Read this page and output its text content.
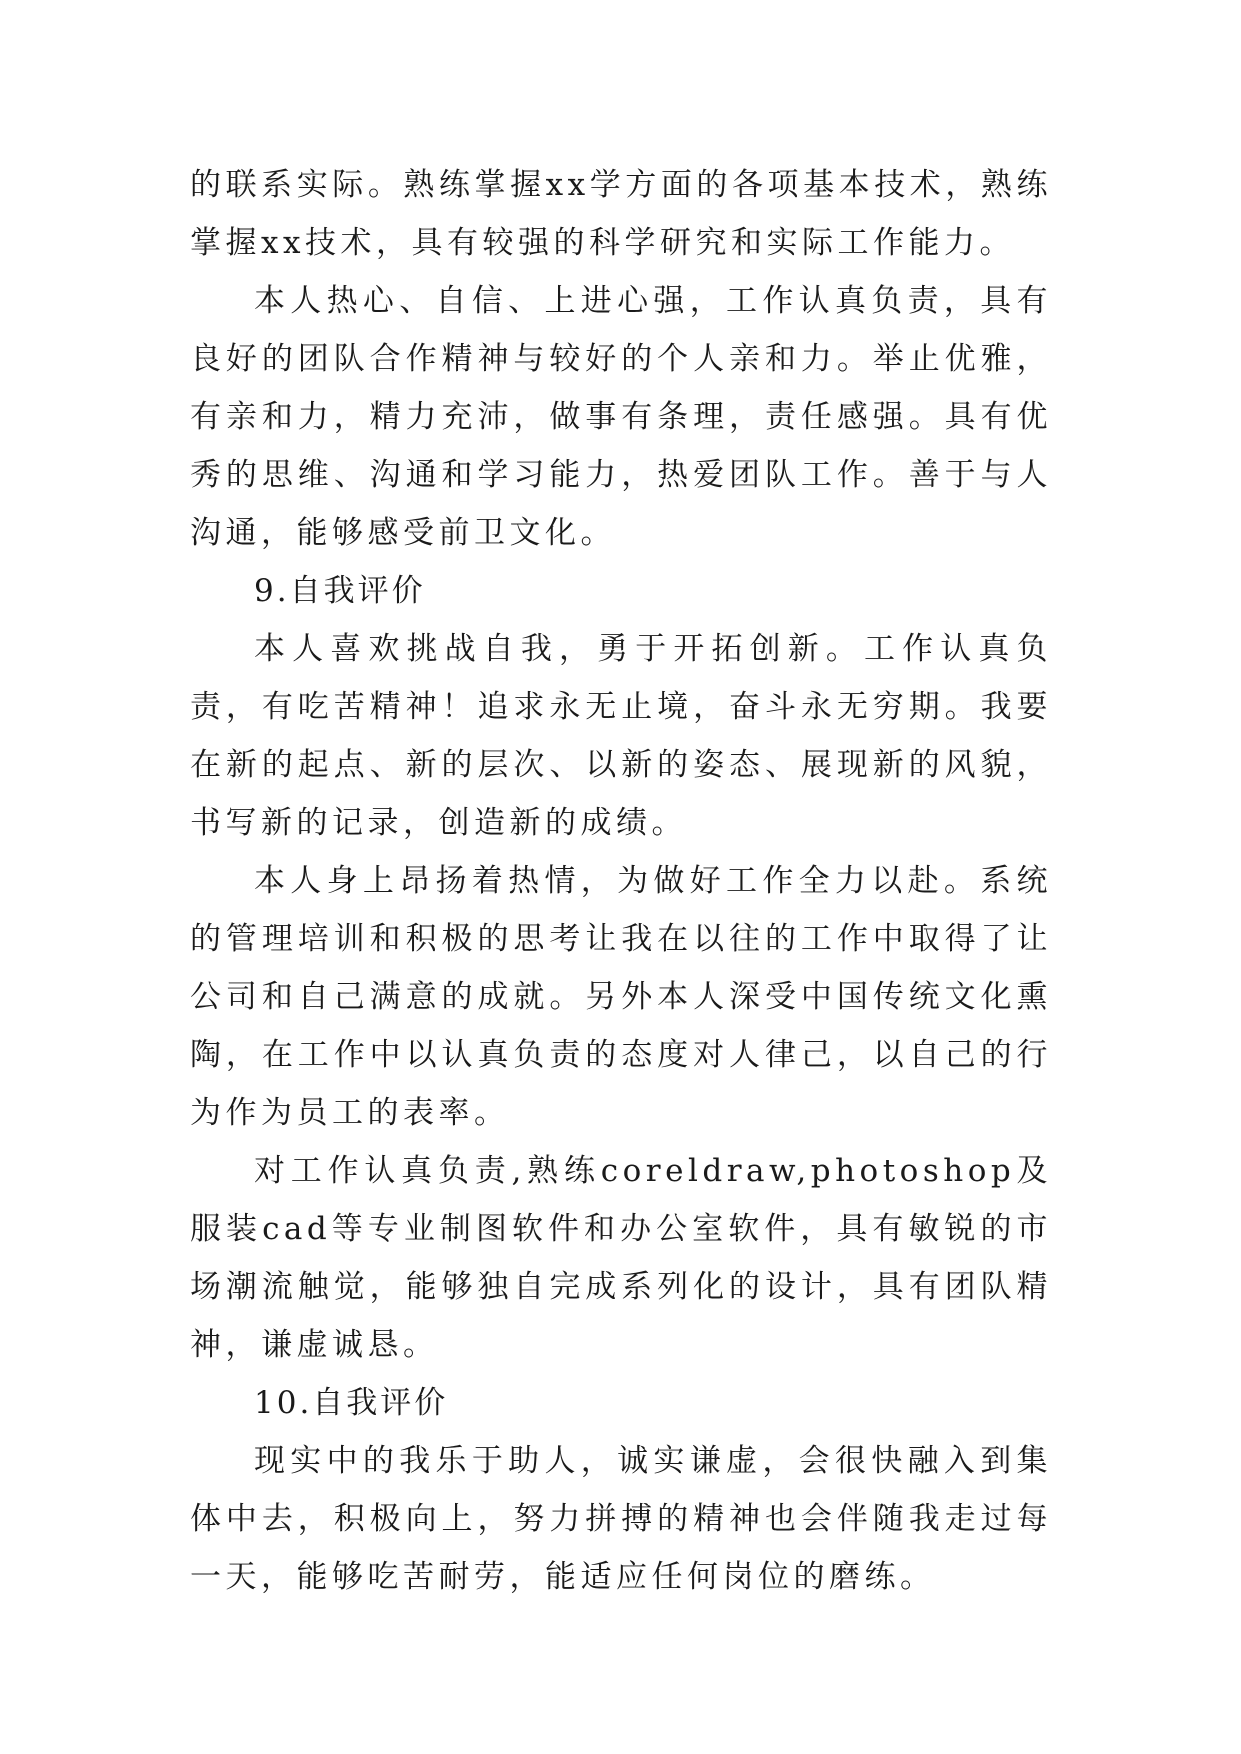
的联系实际。熟练掌握xx学方面的各项基本技术，熟练掌握xx技术，具有较强的科学研究和实际工作能力。

本人热心、自信、上进心强，工作认真负责，具有良好的团队合作精神与较好的个人亲和力。举止优雅，有亲和力，精力充沛，做事有条理，责任感强。具有优秀的思维、沟通和学习能力，热爱团队工作。善于与人沟通，能够感受前卫文化。

9.自我评价

本人喜欢挑战自我，勇于开拓创新。工作认真负责，有吃苦精神！追求永无止境，奋斗永无穷期。我要在新的起点、新的层次、以新的姿态、展现新的风貌，书写新的记录，创造新的成绩。

本人身上昂扬着热情，为做好工作全力以赴。系统的管理培训和积极的思考让我在以往的工作中取得了让公司和自己满意的成就。另外本人深受中国传统文化熏陶，在工作中以认真负责的态度对人律己，以自己的行为作为员工的表率。

对工作认真负责,熟练coreldraw,photoshop及服装cad等专业制图软件和办公室软件，具有敏锐的市场潮流触觉，能够独自完成系列化的设计，具有团队精神，谦虚诚恳。

10.自我评价

现实中的我乐于助人，诚实谦虚，会很快融入到集体中去，积极向上，努力拼搏的精神也会伴随我走过每一天，能够吃苦耐劳，能适应任何岗位的磨练。
